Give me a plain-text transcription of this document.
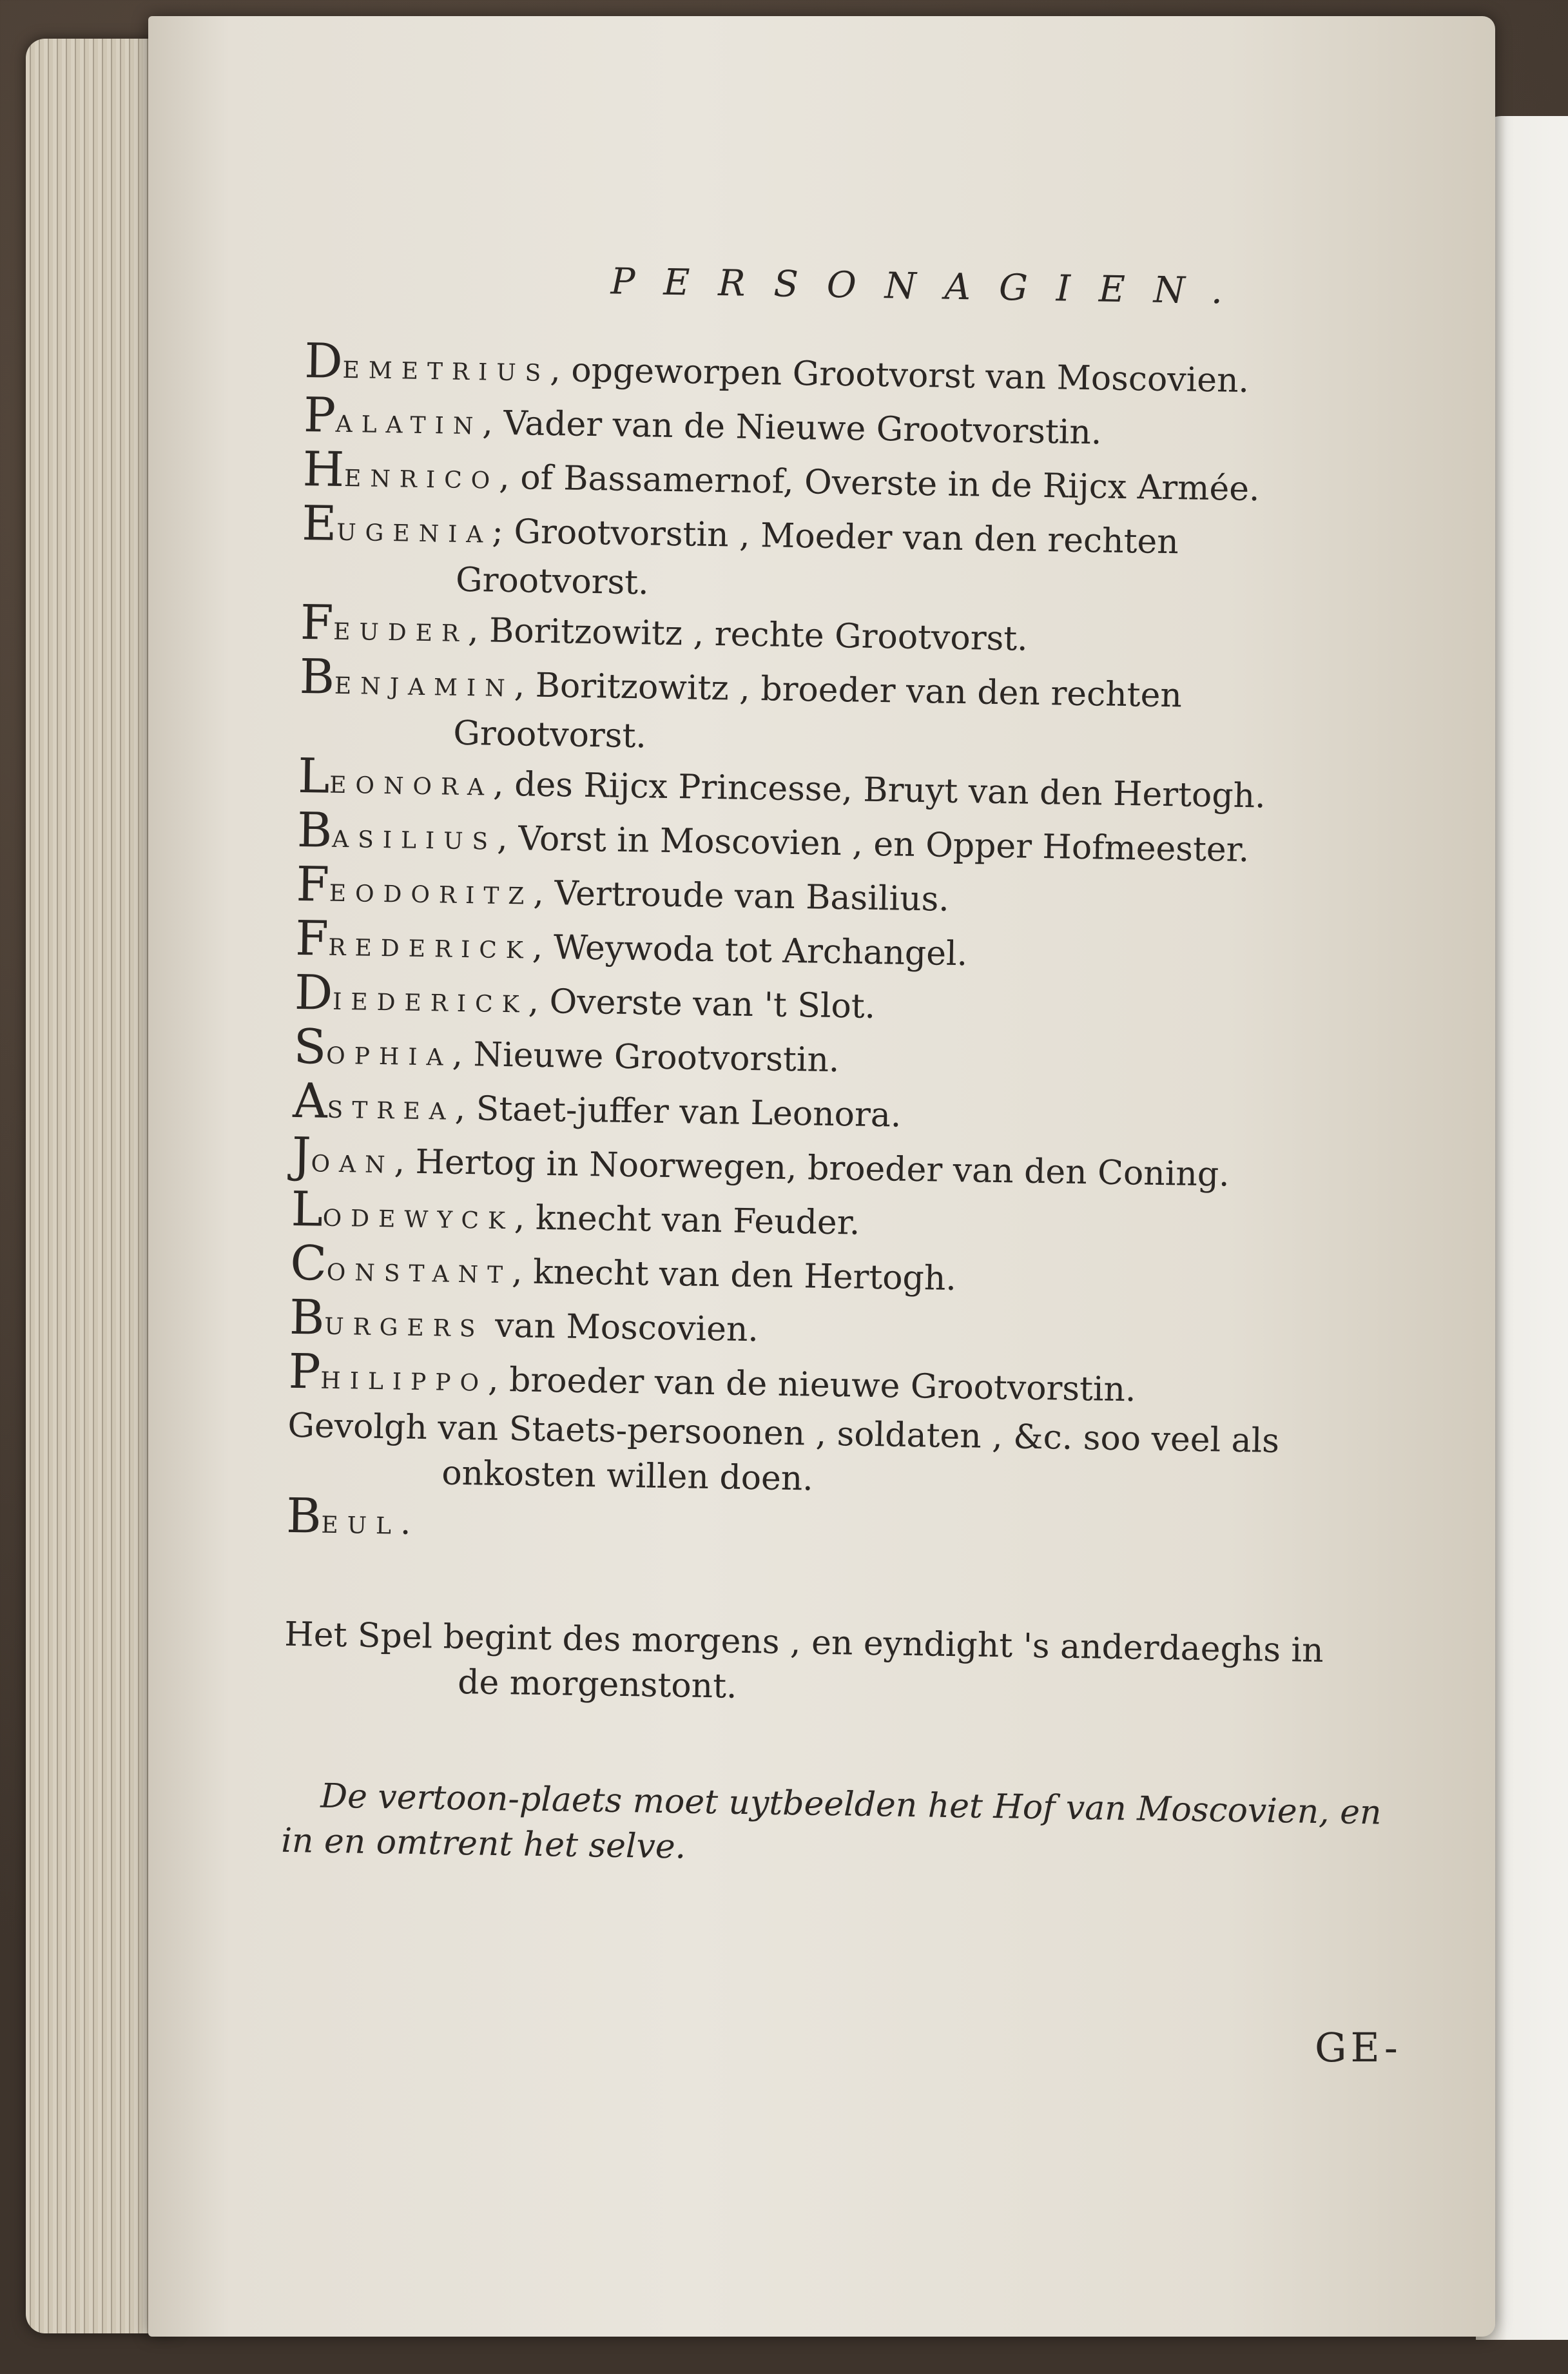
PERSONAGIEN.
DEMETRIUS, opgeworpen Grootvorst van Moscovien.
PALATIN, Vader van de Nieuwe Grootvorstin.
HENRICO, of Bassamernof, Overste in de Rijcx Armée.
EUGENIA; Grootvorstin , Moeder van den rechten
Grootvorst.
FEUDER, Boritzowitz , rechte Grootvorst.
BENJAMIN, Boritzowitz , broeder van den rechten
Grootvorst.
LEONORA, des Rijcx Princesse, Bruyt van den Hertogh.
BASILIUS, Vorst in Moscovien , en Opper Hofmeester.
FEODORITZ, Vertroude van Basilius.
FREDERICK, Weywoda tot Archangel.
DIEDERICK, Overste van 't Slot.
SOPHIA, Nieuwe Grootvorstin.
ASTREA, Staet-juffer van Leonora.
JOAN, Hertog in Noorwegen, broeder van den Coning.
LODEWYCK, knecht van Feuder.
CONSTANT, knecht van den Hertogh.
BURGERS van Moscovien.
PHILIPPO, broeder van de nieuwe Grootvorstin.
Gevolgh van Staets-persoonen , soldaten , &c. soo veel als
onkosten willen doen.
BEUL.
Het Spel begint des morgens , en eyndight 's anderdaeghs in
de morgenstont.
De vertoon-plaets moet uytbeelden het Hof van Moscovien, en
in en omtrent het selve.
GE-
